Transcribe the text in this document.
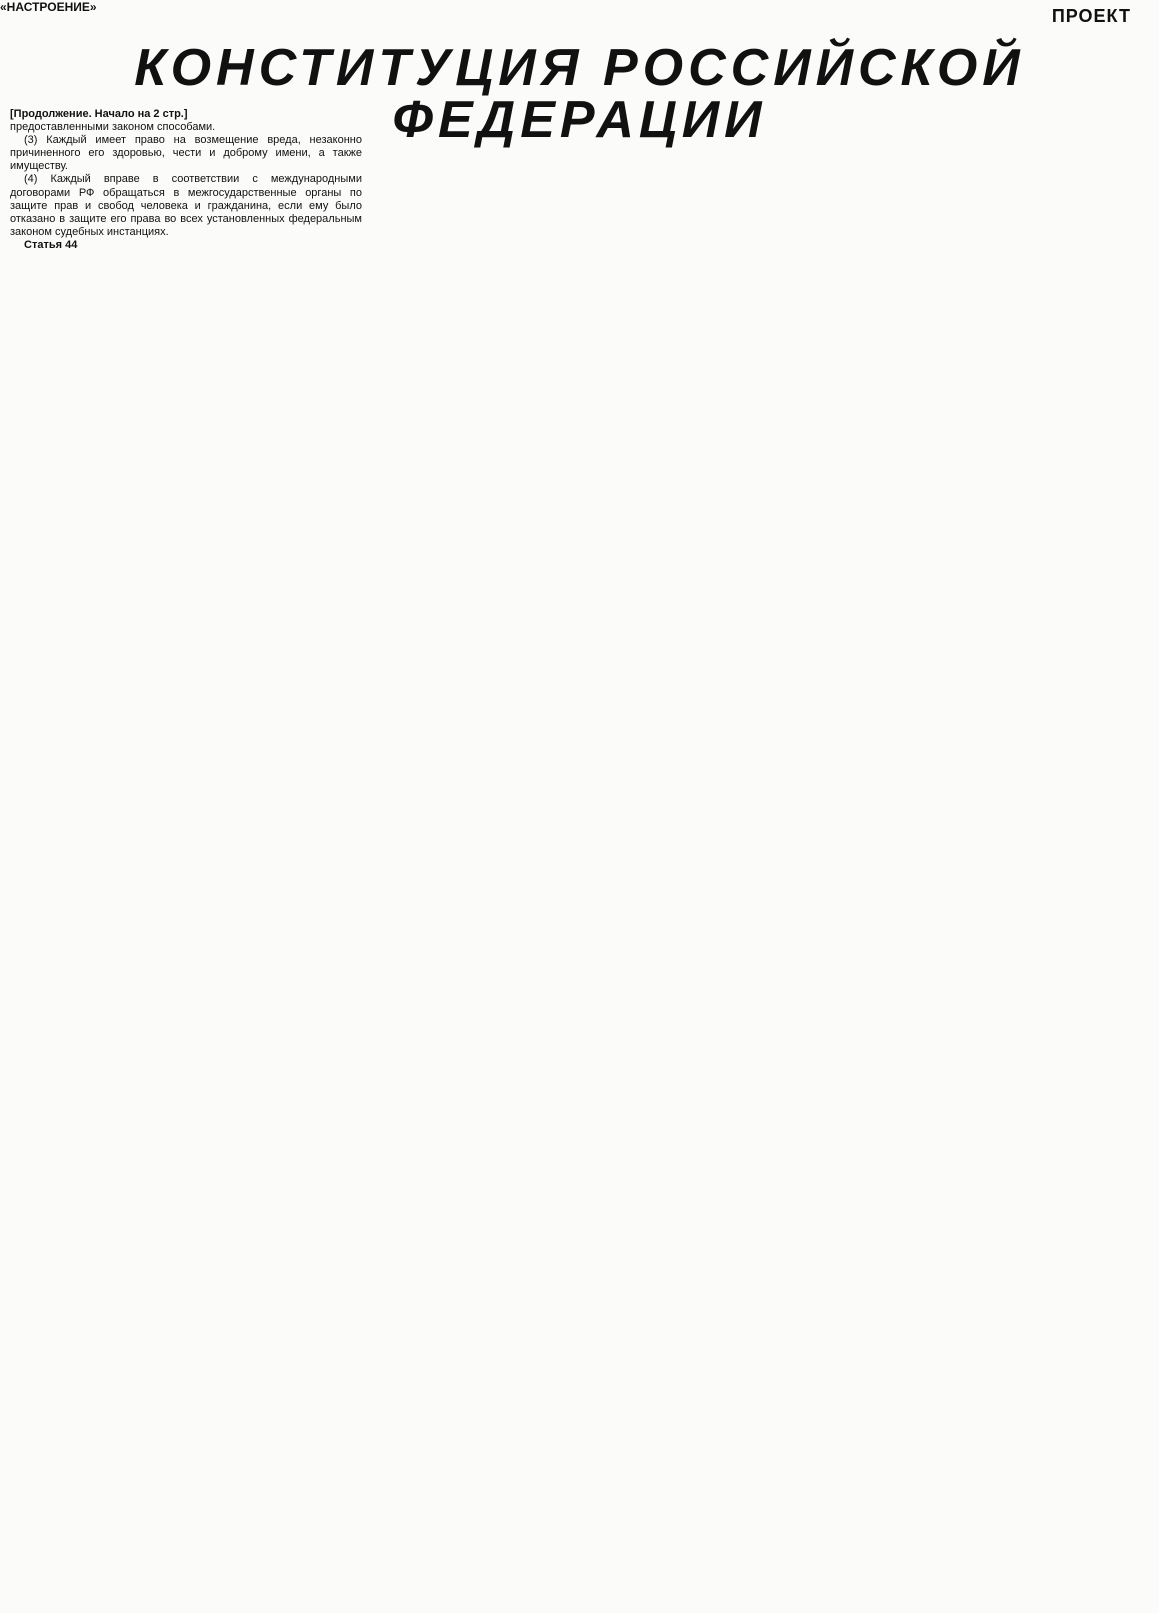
«НАСТРОЕНИЕ»	ПРОЕКТ
КОНСТИТУЦИЯ РОССИЙСКОЙ ФЕДЕРАЦИИ

[Продолжение. Начало на 2 стр.]

предоставленными законом способами.

(3) Каждый имеет право на возмещение вреда, незаконно причиненного его здоровью, чести и доброму имени, а также имуществу.

(4) Каждый вправе в соответствии с международными договорами РФ обращаться в межгосударственные органы по защите прав и свобод человека и гражданина, если ему было отказано в защите его права во всех установленных федеральным законом судебных инстанциях.

Статья 44
